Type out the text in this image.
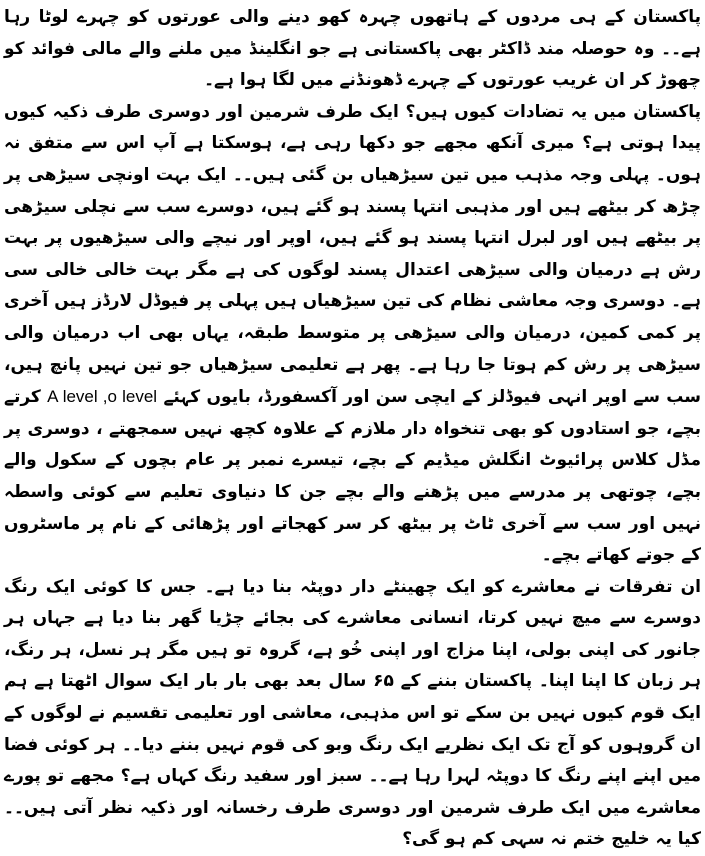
پاکستان کے ہی مردوں کے ہاتھوں چہرہ کھو دینے والی عورتوں کو چہرے لوٹا رہا ہے۔۔ وہ حوصلہ مند ڈاکٹر بھی پاکستانی ہے جو انگلینڈ میں ملنے والے مالی فوائد کو چھوڑ کر ان غریب عورتوں کے چہرے ڈھونڈنے میں لگا ہوا ہے۔

پاکستان میں یہ تضادات کیوں ہیں؟ ایک طرف شرمین اور دوسری طرف ذکیہ کیوں پیدا ہوتی ہے؟ میری آنکھ مجھے جو دکھا رہی ہے، ہوسکتا ہے آپ اس سے متفق نہ ہوں۔ پہلی وجہ مذہب میں تین سیڑھیاں بن گئی ہیں۔۔ ایک بہت اونچی سیڑھی پر چڑھ کر بیٹھے ہیں اور مذہبی انتہا پسند ہو گئے ہیں، دوسرے سب سے نچلی سیڑھی پر بیٹھے ہیں اور لبرل انتہا پسند ہو گئے ہیں، اوپر اور نیچے والی سیڑھیوں پر بہت رش ہے درمیان والی سیڑھی اعتدال پسند لوگوں کی ہے مگر بہت خالی خالی سی ہے۔ دوسری وجہ معاشی نظام کی تین سیڑھیاں ہیں پہلی پر فیوڈل لارڈز ہیں آخری پر کمی کمین، درمیان والی سیڑھی پر متوسط طبقہ، یہاں بھی اب درمیان والی سیڑھی پر رش کم ہوتا جا رہا ہے۔ پھر ہے تعلیمی سیڑھیاں جو تین نہیں پانچ ہیں، سب سے اوپر انہی فیوڈلز کے ایچی سن اور آکسفورڈ، بایوں کہئے A level ,o level کرتے بچے، جو استادوں کو بھی تنخواہ دار ملازم کے علاوہ کچھ نہیں سمجھتے ، دوسری پر مڈل کلاس پرائیوٹ انگلش میڈیم کے بچے، تیسرے نمبر پر عام بچوں کے سکول والے بچے، چوتھی پر مدرسے میں پڑھنے والے بچے جن کا دنیاوی تعلیم سے کوئی واسطہ نہیں اور سب سے آخری ٹاٹ پر بیٹھ کر سر کھجاتے اور پڑھائی کے نام پر ماسٹروں کے جوتے کھاتے بچے۔

ان تفرقات نے معاشرے کو ایک چھینٹے دار دوپٹہ بنا دیا ہے۔ جس کا کوئی ایک رنگ دوسرے سے میچ نہیں کرتا، انسانی معاشرے کی بجائے چڑیا گھر بنا دیا ہے جہاں ہر جانور کی اپنی بولی، اپنا مزاج اور اپنی خُو ہے، گروہ تو ہیں مگر ہر نسل، ہر رنگ، ہر زبان کا اپنا اپنا۔ پاکستان بننے کے ۶۵ سال بعد بھی بار بار ایک سوال اٹھتا ہے ہم ایک قوم کیوں نہیں بن سکے تو اس مذہبی، معاشی اور تعلیمی تقسیم نے لوگوں کے ان گروہوں کو آج تک ایک نظریے ایک رنگ وبو کی قوم نہیں بننے دیا۔۔ ہر کوئی فضا میں اپنے اپنے رنگ کا دوپٹہ لہرا رہا ہے۔۔ سبز اور سفید رنگ کہاں ہے؟ مجھے تو پورے معاشرے میں ایک طرف شرمین اور دوسری طرف رخسانہ اور ذکیہ نظر آتی ہیں۔۔ کیا یہ خلیج ختم نہ سہی کم ہو گی؟
